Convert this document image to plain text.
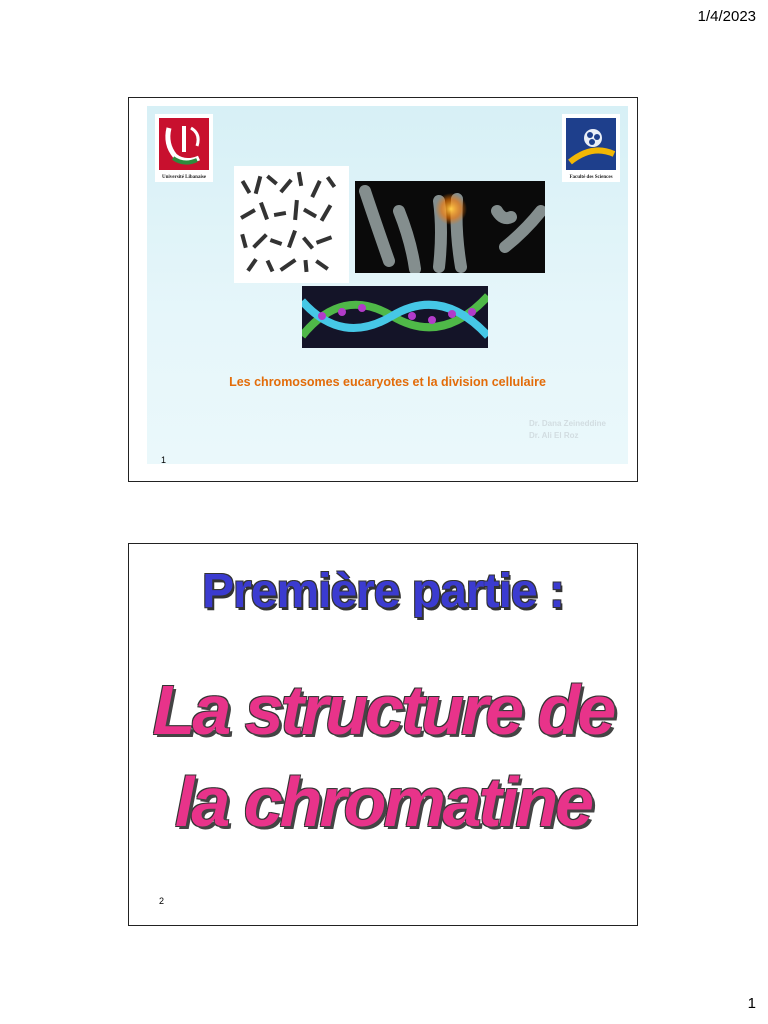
1/4/2023
Université Libanaise	Faculté des Sciences
Les chromosomes eucaryotes et la division cellulaire
Dr. Dana Zeineddine
Dr. Ali El Roz
1
Première partie :
La structure de
la chromatine
2
1
